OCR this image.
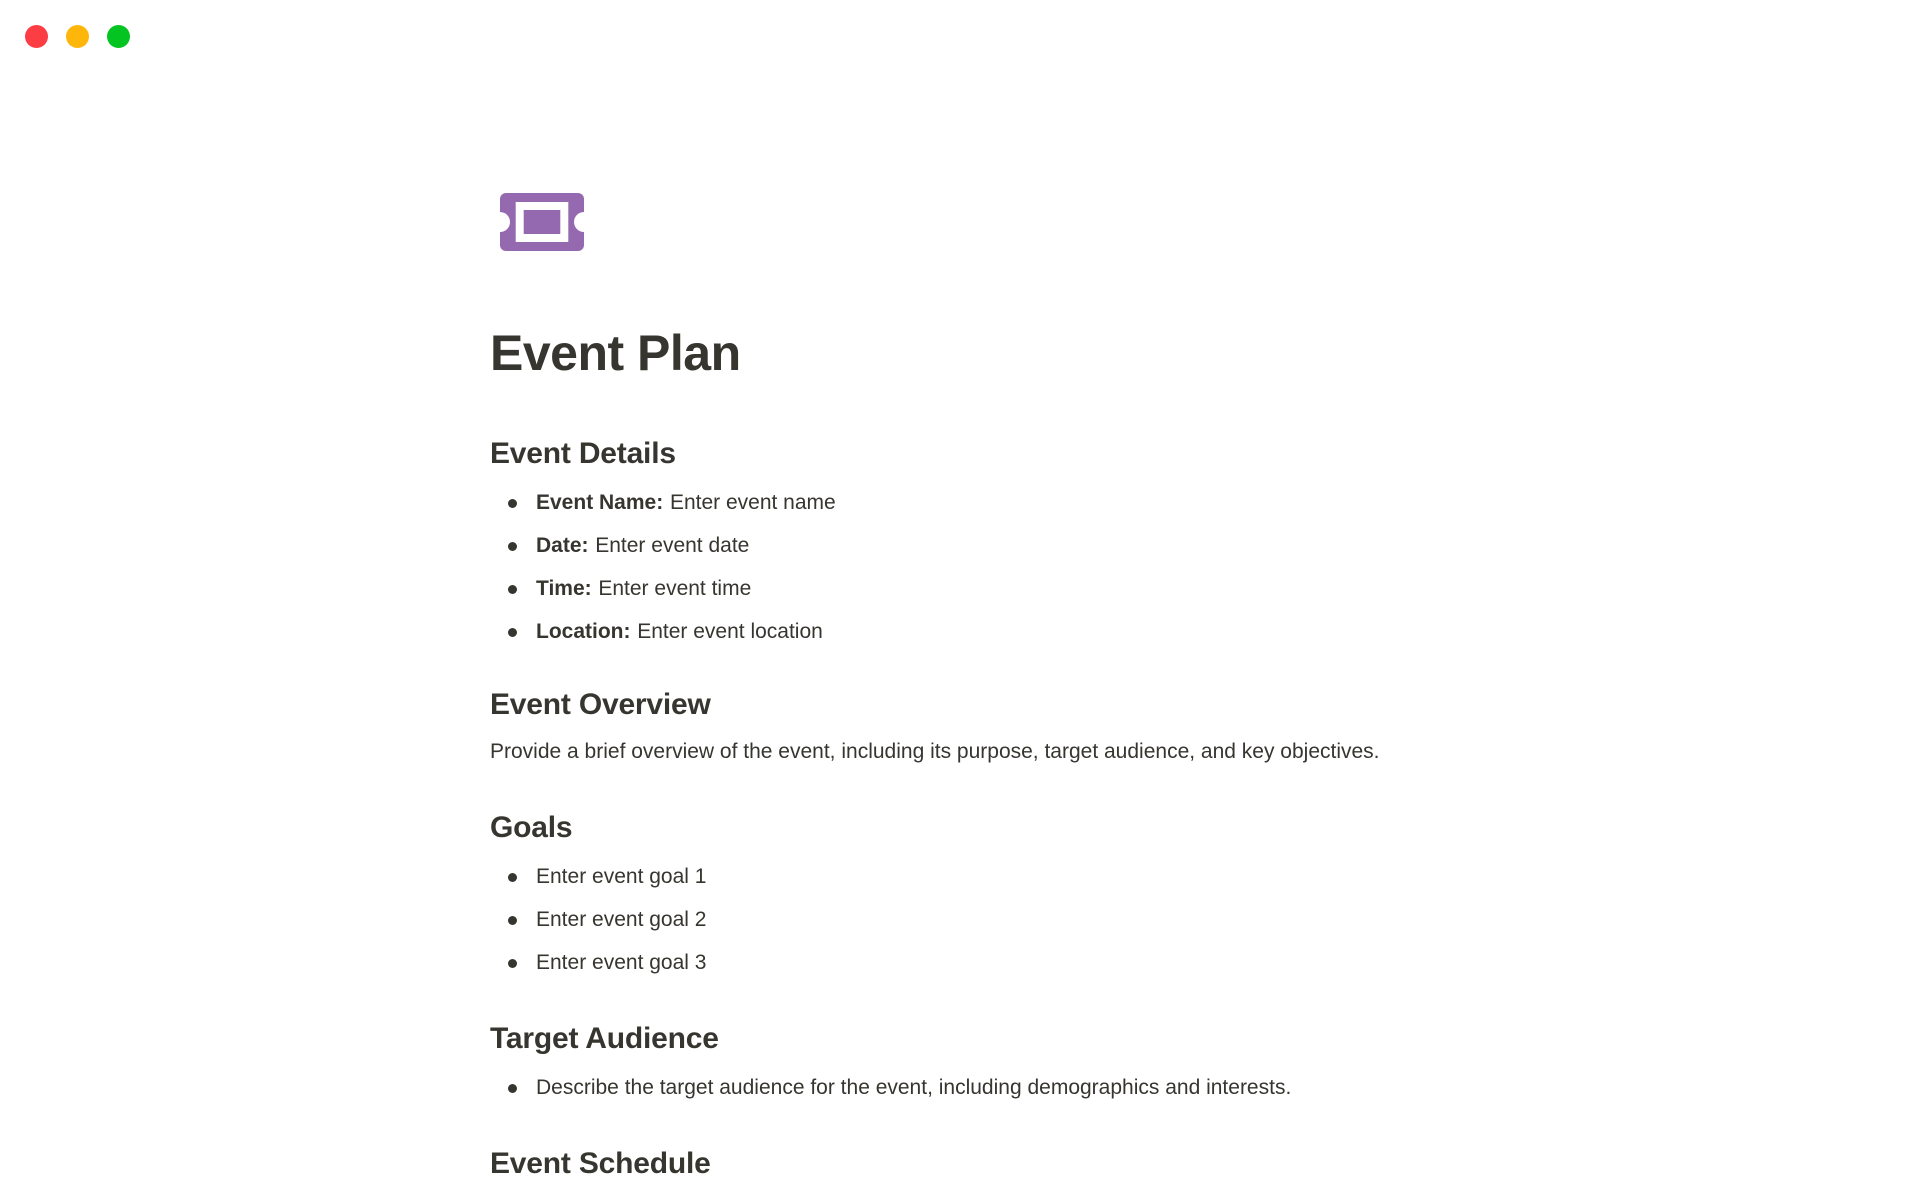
Event Plan
Event Details
Event Name: Enter event name
Date: Enter event date
Time: Enter event time
Location: Enter event location
Event Overview

Provide a brief overview of the event, including its purpose, target audience, and key objectives.

Goals
Enter event goal 1
Enter event goal 2
Enter event goal 3
Target Audience
Describe the target audience for the event, including demographics and interests.
Event Schedule
